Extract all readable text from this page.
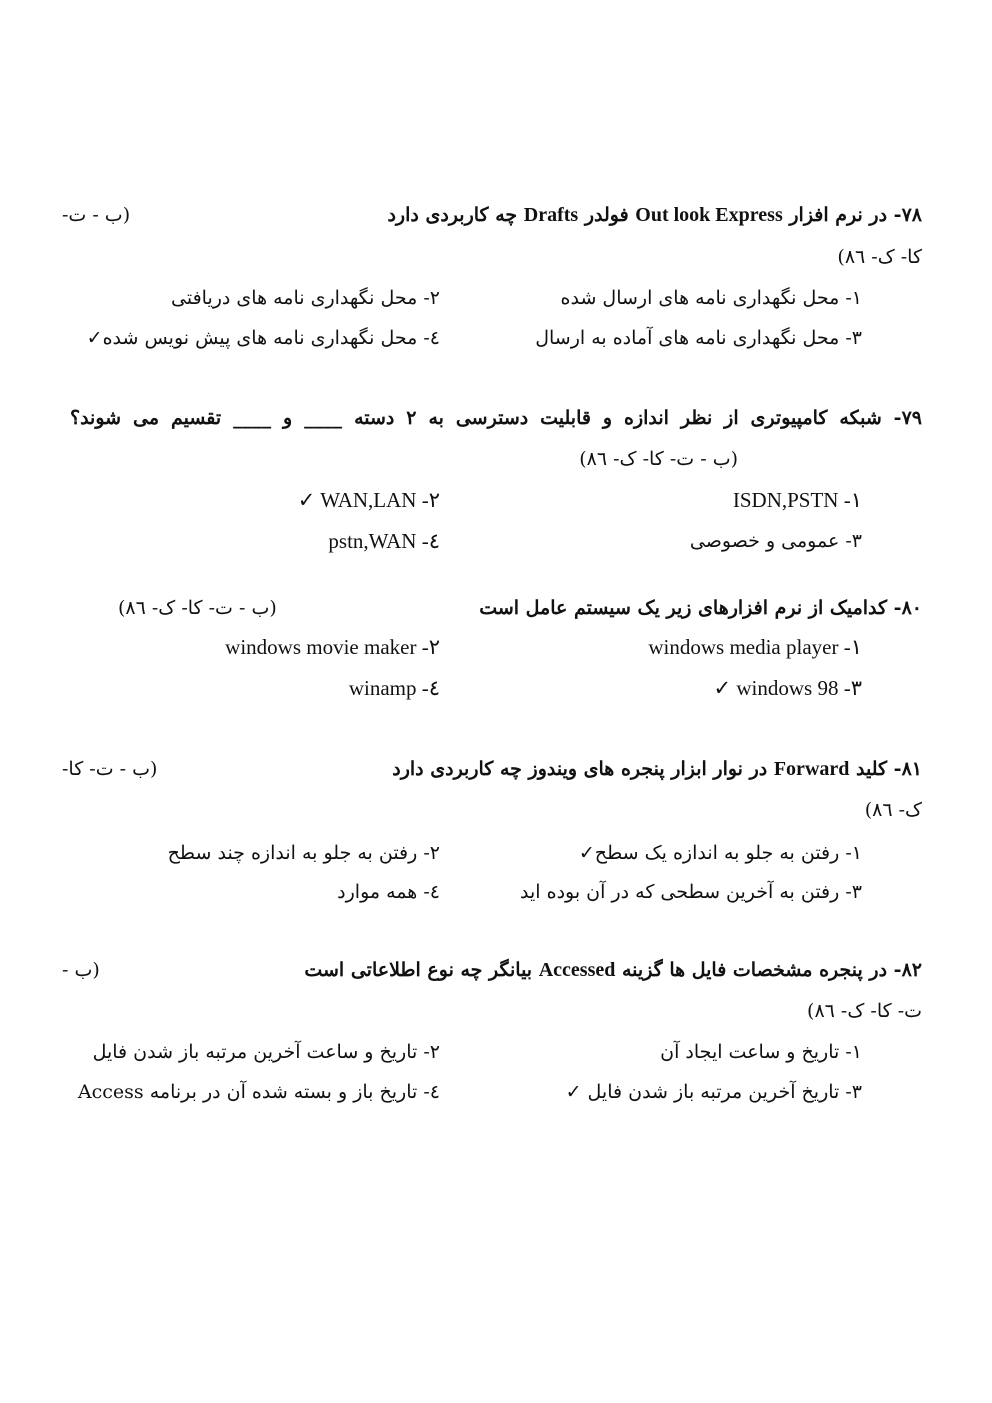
۷۸- در نرم افزار Out look Express فولدر Drafts چه کاربردی دارد
(ب - ت-
کا- ک- ۸٦)
۱- محل نگهداری نامه های ارسال شده
۲- محل نگهداری نامه های دریافتی
۳- محل نگهداری نامه های آماده به ارسال
٤- محل نگهداری نامه های پیش نویس شده✓
۷۹- شبکه کامپیوتری از نظر اندازه و قابلیت دسترسی به ۲ دسته ____ و ____ تقسیم می شوند؟
(ب - ت- کا- ک- ۸٦)
ISDN,PSTN -۱
✓ WAN,LAN -۲
۳- عمومی و خصوصی
pstn,WAN -٤
۸۰- کدامیک از نرم افزارهای زیر یک سیستم عامل است
(ب - ت- کا- ک- ۸٦)
windows media player -۱
windows movie maker -۲
✓ windows 98 -۳
winamp -٤
۸۱- کلید Forward در نوار ابزار پنجره های ویندوز چه کاربردی دارد
(ب - ت- کا-
ک- ۸٦)
۱- رفتن به جلو به اندازه یک سطح✓
۲- رفتن به جلو به اندازه چند سطح
۳- رفتن به آخرین سطحی که در آن بوده اید
٤- همه موارد
۸۲- در پنجره مشخصات فایل ها گزینه Accessed بیانگر چه نوع اطلاعاتی است
(ب -
ت- کا- ک- ۸٦)
۱- تاریخ و ساعت ایجاد آن
۲- تاریخ و ساعت آخرین مرتبه باز شدن فایل
۳- تاریخ آخرین مرتبه باز شدن فایل ✓
٤- تاریخ باز و بسته شده آن در برنامه Access
